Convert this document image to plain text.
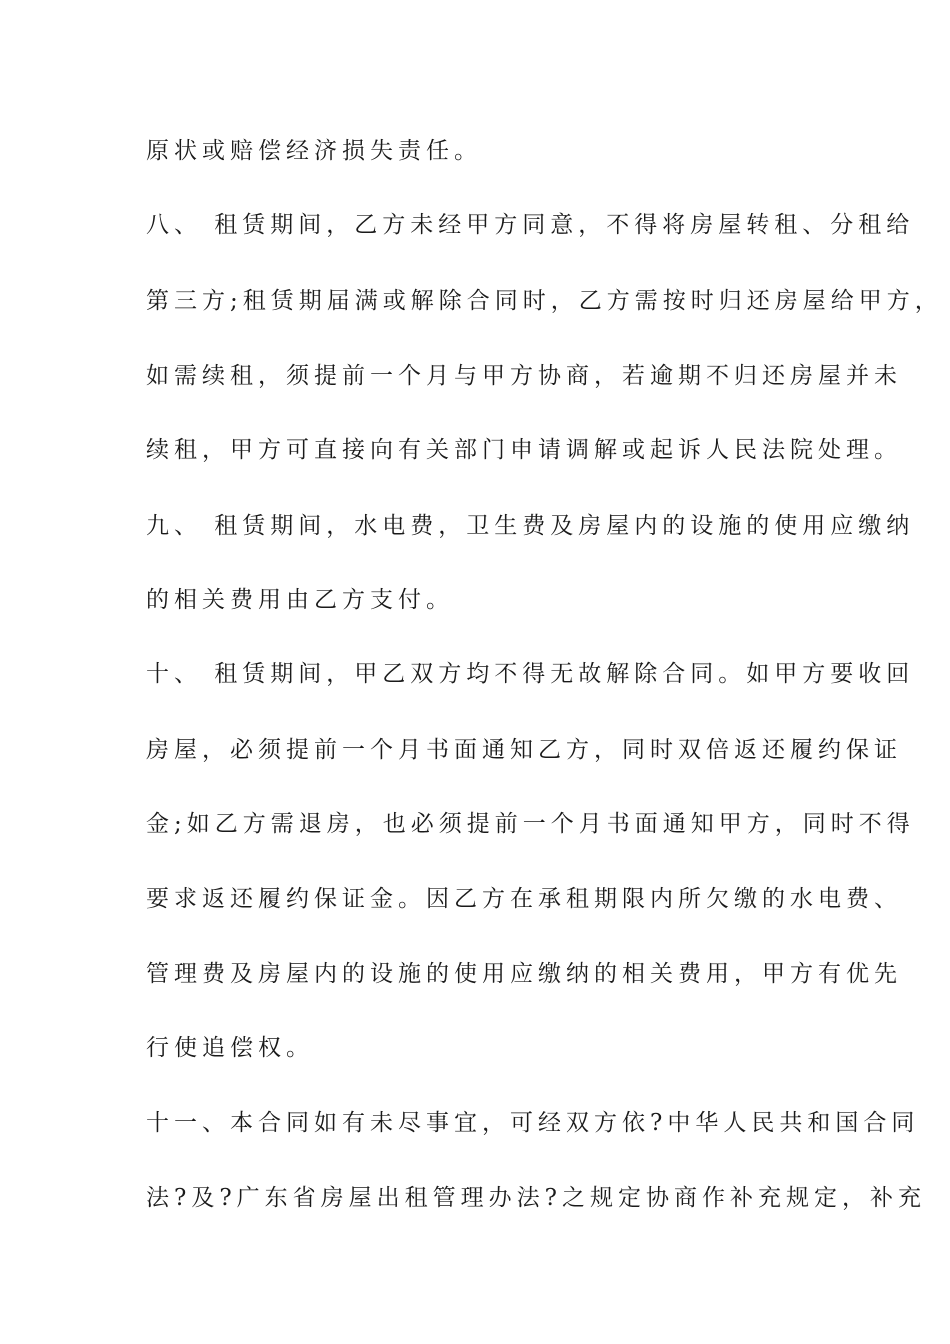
原状或赔偿经济损失责任。
八、 租赁期间，乙方未经甲方同意，不得将房屋转租、分租给
第三方;租赁期届满或解除合同时，乙方需按时归还房屋给甲方，
如需续租，须提前一个月与甲方协商，若逾期不归还房屋并未
续租，甲方可直接向有关部门申请调解或起诉人民法院处理。
九、 租赁期间，水电费，卫生费及房屋内的设施的使用应缴纳
的相关费用由乙方支付。
十、 租赁期间，甲乙双方均不得无故解除合同。如甲方要收回
房屋，必须提前一个月书面通知乙方，同时双倍返还履约保证
金;如乙方需退房，也必须提前一个月书面通知甲方，同时不得
要求返还履约保证金。因乙方在承租期限内所欠缴的水电费、
管理费及房屋内的设施的使用应缴纳的相关费用，甲方有优先
行使追偿权。
十一、本合同如有未尽事宜，可经双方依?中华人民共和国合同
法?及?广东省房屋出租管理办法?之规定协商作补充规定，补充
